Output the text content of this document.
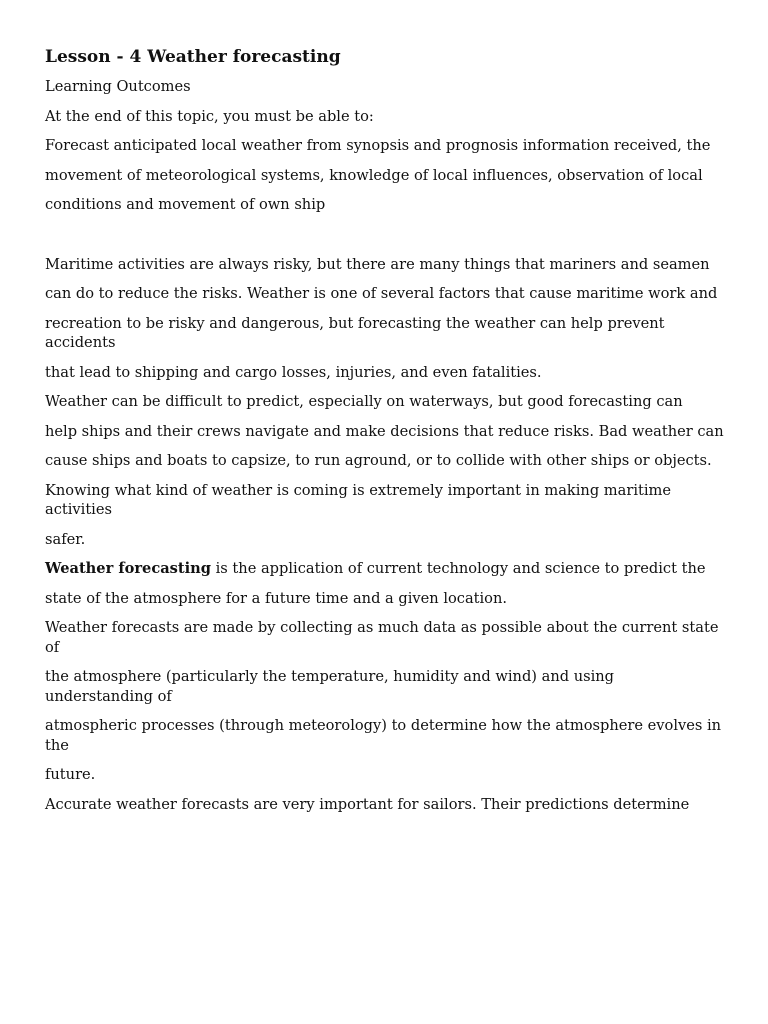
Lesson - 4 Weather forecasting

Learning Outcomes

At the end of this topic, you must be able to:

Forecast anticipated local weather from synopsis and prognosis information received, the

movement of meteorological systems, knowledge of local influences, observation of local

conditions and movement of own ship

Maritime activities are always risky, but there are many things that mariners and seamen

can do to reduce the risks. Weather is one of several factors that cause maritime work and

recreation to be risky and dangerous, but forecasting the weather can help prevent accidents

that lead to shipping and cargo losses, injuries, and even fatalities.

Weather can be difficult to predict, especially on waterways, but good forecasting can

help ships and their crews navigate and make decisions that reduce risks. Bad weather can

cause ships and boats to capsize, to run aground, or to collide with other ships or objects.

Knowing what kind of weather is coming is extremely important in making maritime activities

safer.

Weather forecasting is the application of current technology and science to predict the

state of the atmosphere for a future time and a given location.

Weather forecasts are made by collecting as much data as possible about the current state of

the atmosphere (particularly the temperature, humidity and wind) and using understanding of

atmospheric processes (through meteorology) to determine how the atmosphere evolves in the

future.

Accurate weather forecasts are very important for sailors. Their predictions determine
